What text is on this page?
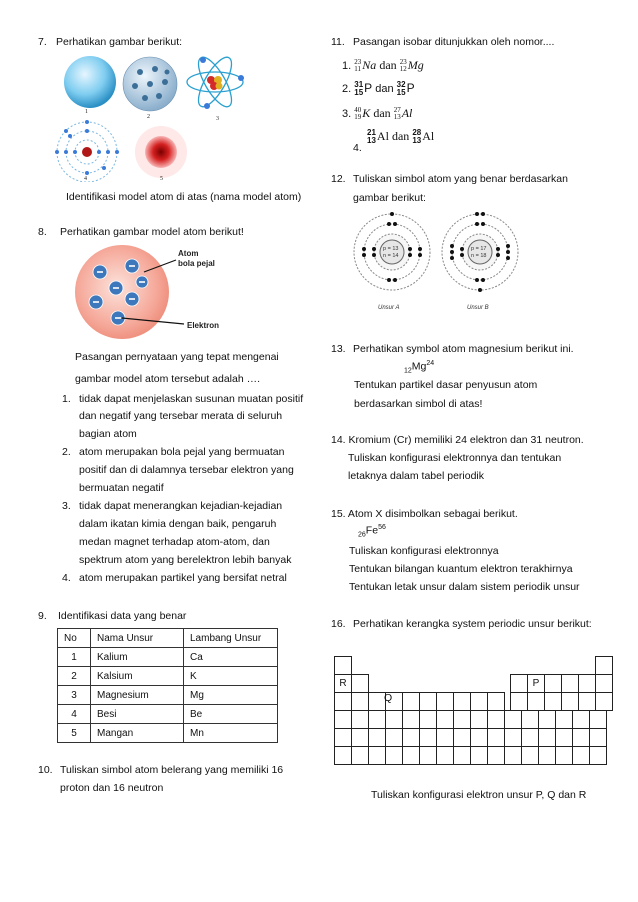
7. Perhatikan gambar berikut:
1
2	3
4	5
Identifikasi model atom di atas (nama model atom)
8. Perhatikan gambar model atom berikut!
Atom
bola pejal
Elektron
Pasangan pernyataan yang tepat mengenai
gambar model atom tersebut adalah ….
1. tidak dapat menjelaskan susunan muatan positif
dan negatif yang tersebar merata di seluruh
bagian atom
2. atom merupakan bola pejal yang bermuatan
positif dan di dalamnya tersebar elektron yang
bermuatan negatif
3. tidak dapat menerangkan kejadian-kejadian
dalam ikatan kimia dengan baik, pengaruh
medan magnet terhadap atom-atom, dan
spektrum atom yang berelektron lebih banyak
4. atom merupakan partikel yang bersifat netral
9. Identifikasi data yang benar
No	Nama Unsur	Lambang Unsur
1	Kalium	Ca
2	Kalsium	K
3	Magnesium	Mg
4	Besi	Be
5	Mangan	Mn
10. Tuliskan simbol atom belerang yang memiliki 16
proton dan 16 neutron
11. Pasangan isobar ditunjukkan oleh nomor....
1. 23
11 Na dan 23
12 Mg
2. 31
15 P dan 32
15 P
3. 40
19 K dan 27
13 Al
21
13 Al dan 28
13 Al
4.
12. Tuliskan simbol atom yang benar berdasarkan
gambar berikut:
p = 13
n = 14
Unsur A
p = 17
n = 18
Unsur B
13. Perhatikan symbol atom magnesium berikut ini.
$_{12}Mg^{24}$
Tentukan partikel dasar penyusun atom
berdasarkan simbol di atas!
14. Kromium (Cr) memiliki 24 elektron dan 31 neutron.
Tuliskan konfigurasi elektronnya dan tentukan
letaknya dalam tabel periodik
15. Atom X disimbolkan sebagai berikut.
$_{26}Fe^{56}$
Tuliskan konfigurasi elektronnya
Tentukan bilangan kuantum elektron terakhirnya
Tentukan letak unsur dalam sistem periodik unsur
16. Perhatikan kerangka system periodic unsur berikut:
R	P
Q
Tuliskan konfigurasi elektron unsur P, Q dan R
